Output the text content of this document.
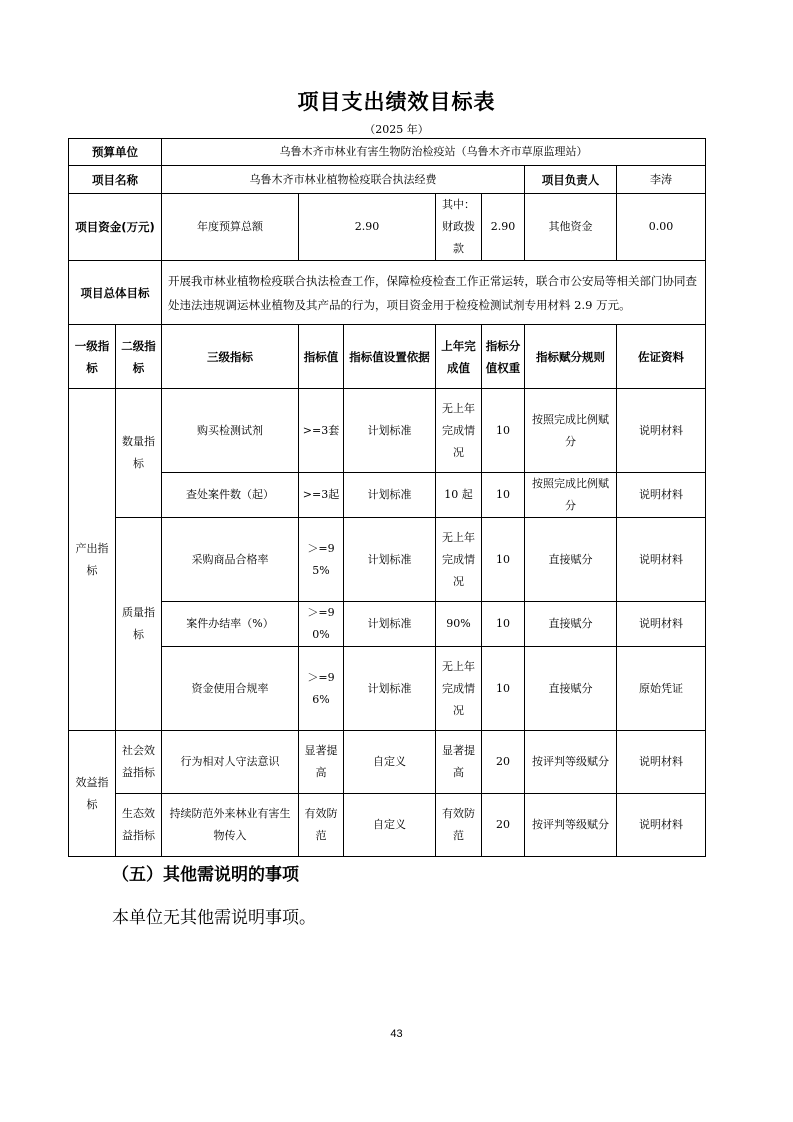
项目支出绩效目标表
（2025 年）
预算单位		乌鲁木齐市林业有害生物防治检疫站（乌鲁木齐市草原监理站）						
项目名称		乌鲁木齐市林业植物检疫联合执法经费					项目负责人	李涛
项目资金(万元)		年度预算总额	2.90		其中：财政拨款	2.90	其他资金	0.00
项目总体目标		开展我市林业植物检疫联合执法检查工作，保障检疫检查工作正常运转，联合市公安局等相关部门协同查处违法违规调运林业植物及其产品的行为，项目资金用于检疫检测试剂专用材料 2.9 万元。						
一级指标	二级指标	三级指标	指标值	指标值设置依据	上年完成值	指标分值权重	指标赋分规则	佐证资料
产出指标	数量指标	购买检测试剂	>=3套	计划标准	无上年完成情况	10	按照完成比例赋分	说明材料
		查处案件数（起）	>=3起	计划标准	10 起	10	按照完成比例赋分	说明材料
	质量指标	采购商品合格率	＞=95%	计划标准	无上年完成情况	10	直接赋分	说明材料
		案件办结率（%）	＞=90%	计划标准	90%	10	直接赋分	说明材料
		资金使用合规率	＞=96%	计划标准	无上年完成情况	10	直接赋分	原始凭证
效益指标	社会效益指标	行为相对人守法意识	显著提高	自定义	显著提高	20	按评判等级赋分	说明材料
	生态效益指标	持续防范外来林业有害生物传入	有效防范	自定义	有效防范	20	按评判等级赋分	说明材料
（五）其他需说明的事项
本单位无其他需说明事项。
43
